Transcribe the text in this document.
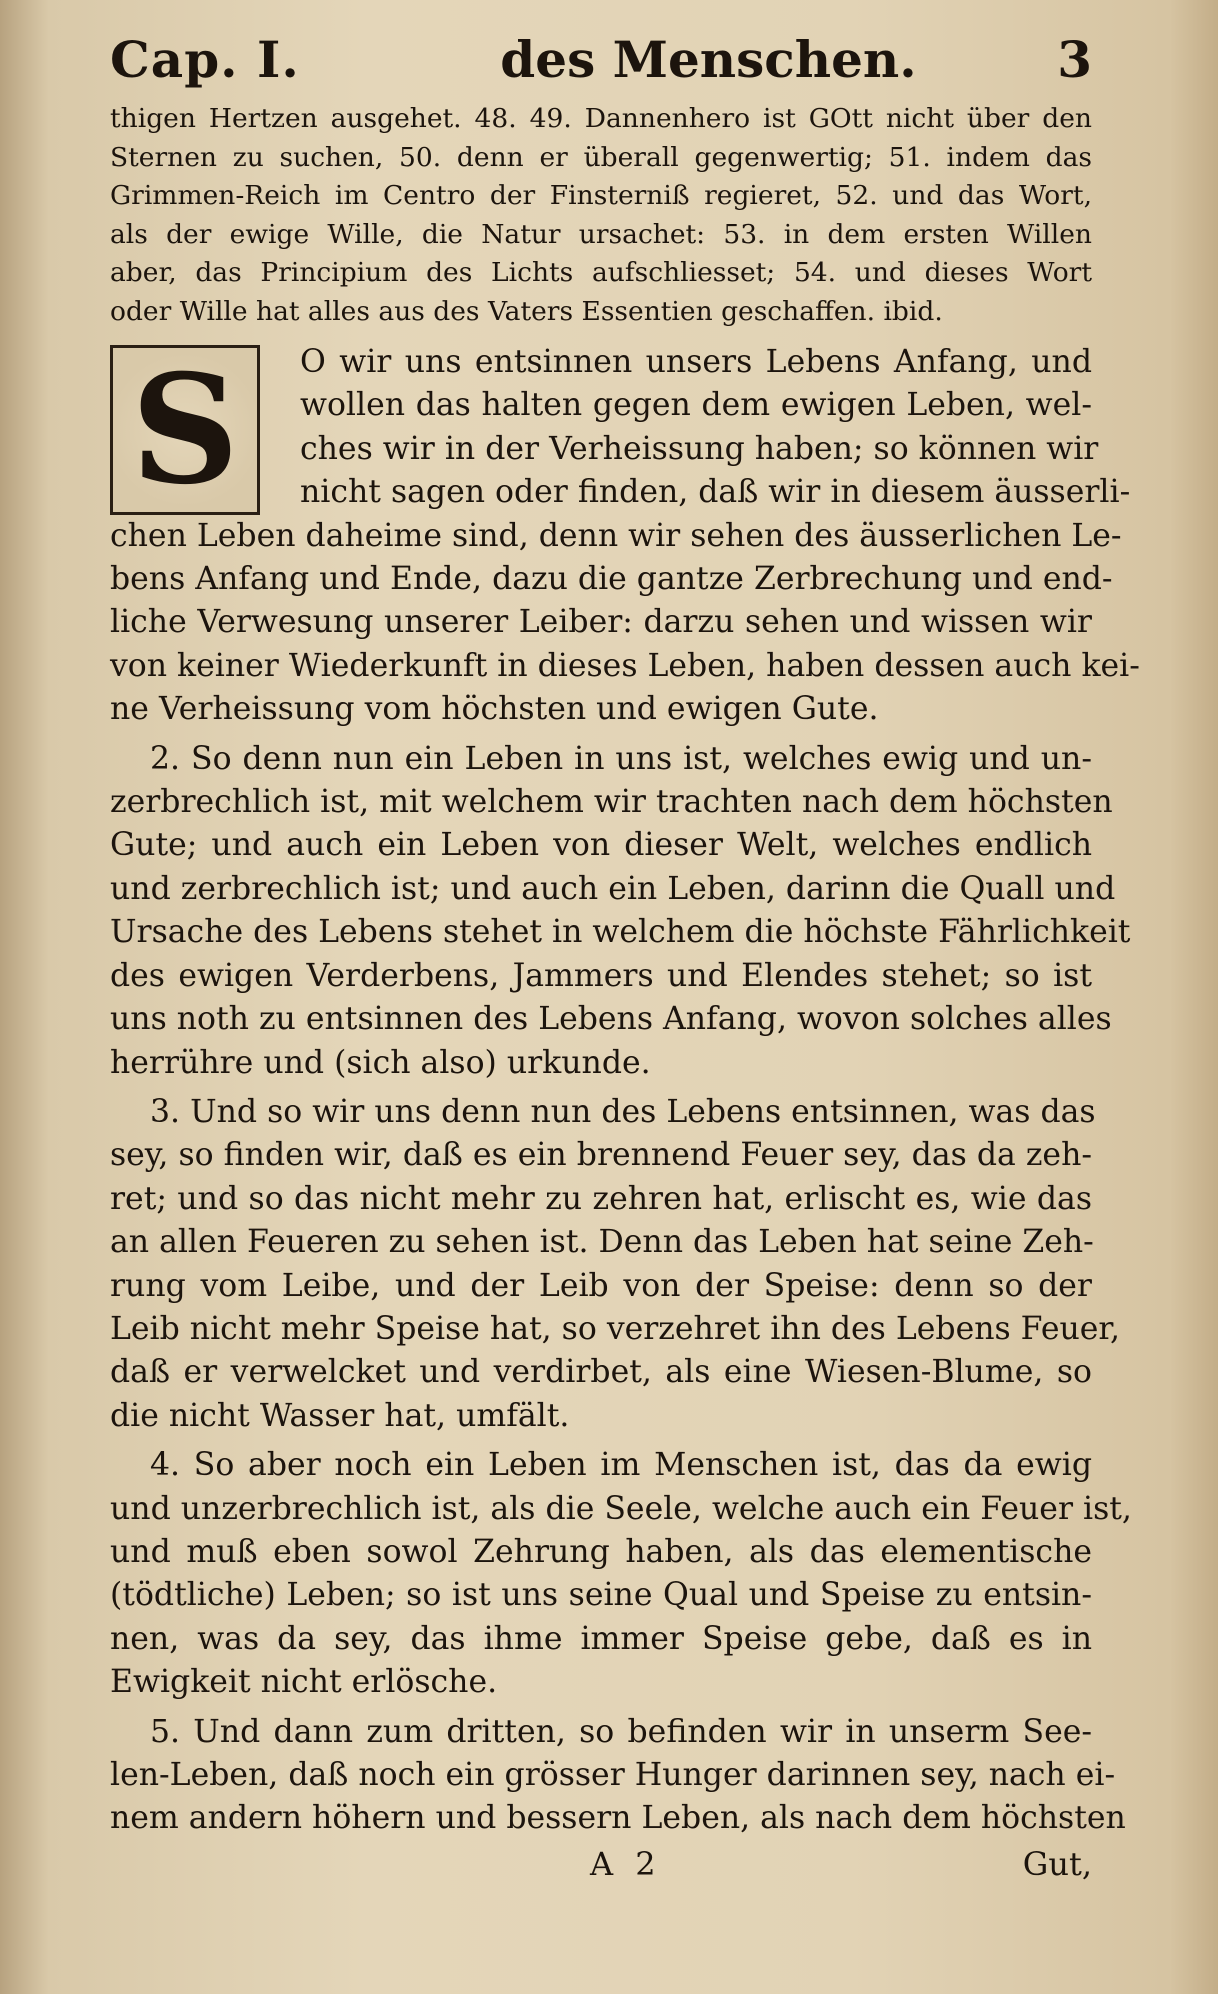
Cap. I.	des Menschen.	3
thigen Hertzen ausgehet. 48. 49. Dannenhero ist GOtt nicht über den
Sternen zu suchen, 50. denn er überall gegenwertig; 51. indem das
Grimmen-Reich im Centro der Finsterniß regieret, 52. und das Wort,
als der ewige Wille, die Natur ursachet: 53. in dem ersten Willen
aber, das Principium des Lichts aufschliesset; 54. und dieses Wort
oder Wille hat alles aus des Vaters Essentien geschaffen. ibid.
S	O wir uns entsinnen unsers Lebens Anfang, und
wollen das halten gegen dem ewigen Leben, wel-
ches wir in der Verheissung haben; so können wir
nicht sagen oder finden, daß wir in diesem äusserli-
chen Leben daheime sind, denn wir sehen des äusserlichen Le-
bens Anfang und Ende, dazu die gantze Zerbrechung und end-
liche Verwesung unserer Leiber: darzu sehen und wissen wir
von keiner Wiederkunft in dieses Leben, haben dessen auch kei-
ne Verheissung vom höchsten und ewigen Gute.
2. So denn nun ein Leben in uns ist, welches ewig und un-
zerbrechlich ist, mit welchem wir trachten nach dem höchsten
Gute; und auch ein Leben von dieser Welt, welches endlich
und zerbrechlich ist; und auch ein Leben, darinn die Quall und
Ursache des Lebens stehet in welchem die höchste Fährlichkeit
des ewigen Verderbens, Jammers und Elendes stehet; so ist
uns noth zu entsinnen des Lebens Anfang, wovon solches alles
herrühre und (sich also) urkunde.
3. Und so wir uns denn nun des Lebens entsinnen, was das
sey, so finden wir, daß es ein brennend Feuer sey, das da zeh-
ret; und so das nicht mehr zu zehren hat, erlischt es, wie das
an allen Feueren zu sehen ist. Denn das Leben hat seine Zeh-
rung vom Leibe, und der Leib von der Speise: denn so der
Leib nicht mehr Speise hat, so verzehret ihn des Lebens Feuer,
daß er verwelcket und verdirbet, als eine Wiesen-Blume, so
die nicht Wasser hat, umfält.
4. So aber noch ein Leben im Menschen ist, das da ewig
und unzerbrechlich ist, als die Seele, welche auch ein Feuer ist,
und muß eben sowol Zehrung haben, als das elementische
(tödtliche) Leben; so ist uns seine Qual und Speise zu entsin-
nen, was da sey, das ihme immer Speise gebe, daß es in
Ewigkeit nicht erlösche.
5. Und dann zum dritten, so befinden wir in unserm See-
len-Leben, daß noch ein grösser Hunger darinnen sey, nach ei-
nem andern höhern und bessern Leben, als nach dem höchsten
A 2	Gut,
